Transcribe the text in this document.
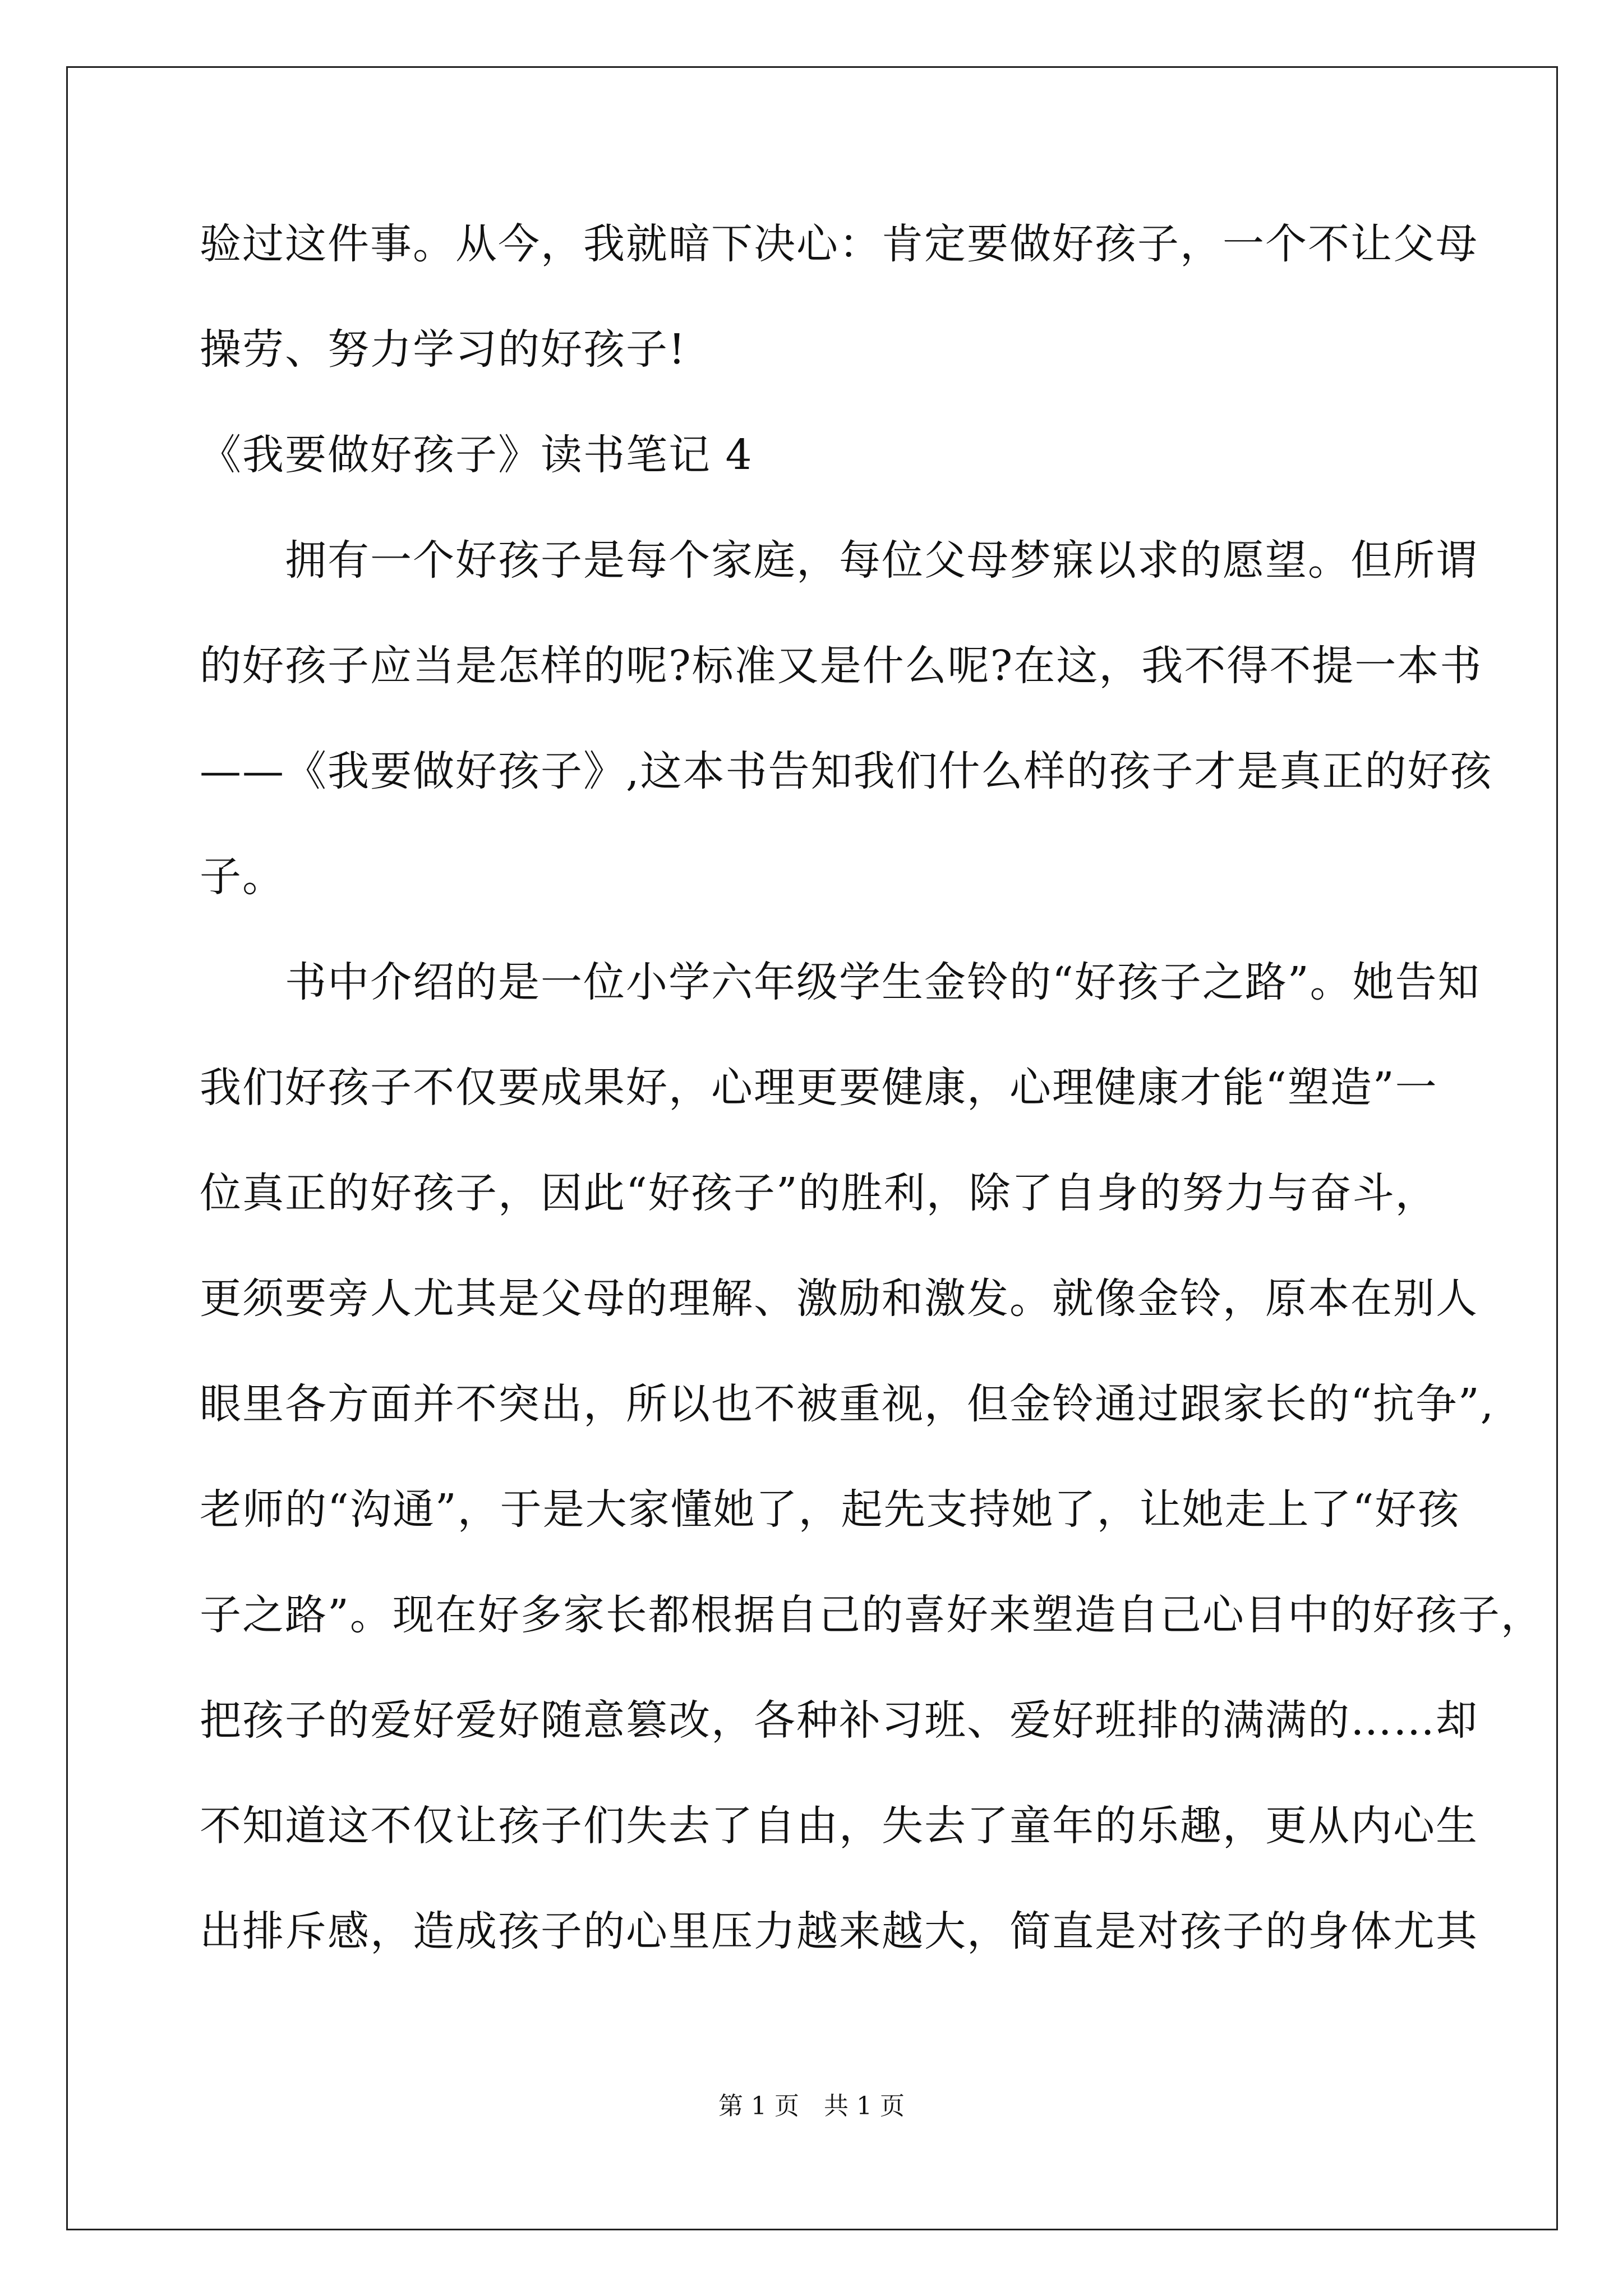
验过这件事。从今，我就暗下决心：肯定要做好孩子，一个不让父母
操劳、努力学习的好孩子!
《我要做好孩子》读书笔记 4
拥有一个好孩子是每个家庭，每位父母梦寐以求的愿望。但所谓
的好孩子应当是怎样的呢?标准又是什么呢?在这，我不得不提一本书
——《我要做好孩子》,这本书告知我们什么样的孩子才是真正的好孩
子。
书中介绍的是一位小学六年级学生金铃的“好孩子之路”。她告知
我们好孩子不仅要成果好，心理更要健康，心理健康才能“塑造”一
位真正的好孩子，因此“好孩子”的胜利，除了自身的努力与奋斗，
更须要旁人尤其是父母的理解、激励和激发。就像金铃，原本在别人
眼里各方面并不突出，所以也不被重视，但金铃通过跟家长的“抗争”,
老师的“沟通”，于是大家懂她了，起先支持她了，让她走上了“好孩
子之路”。现在好多家长都根据自己的喜好来塑造自己心目中的好孩子，
把孩子的爱好爱好随意篡改，各种补习班、爱好班排的满满的……却
不知道这不仅让孩子们失去了自由，失去了童年的乐趣，更从内心生
出排斥感，造成孩子的心里压力越来越大，简直是对孩子的身体尤其
第 1 页　共 1 页
